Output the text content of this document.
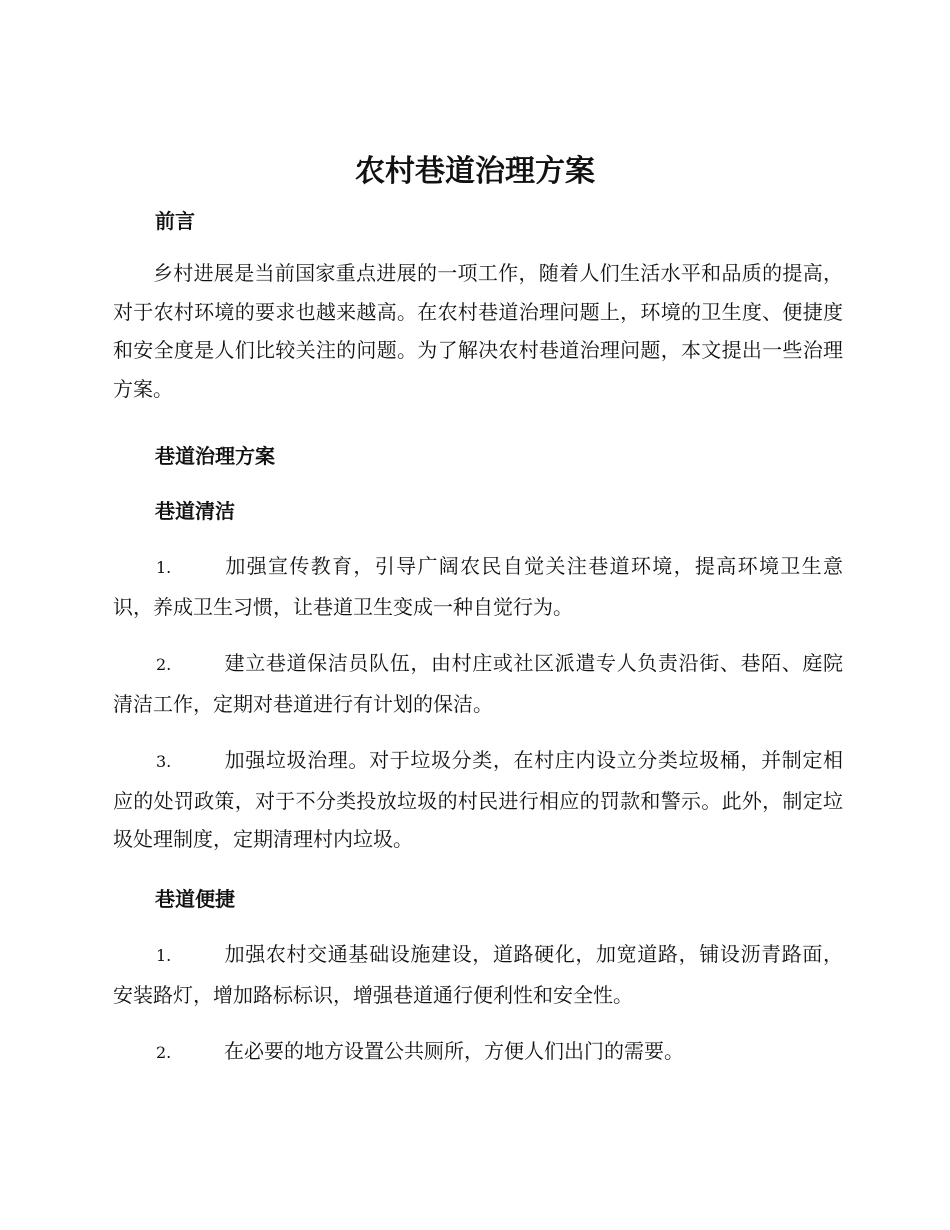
农村巷道治理方案
前言

乡村进展是当前国家重点进展的一项工作，随着人们生活水平和品质的提高，对于农村环境的要求也越来越高。在农村巷道治理问题上，环境的卫生度、便捷度和安全度是人们比较关注的问题。为了解决农村巷道治理问题，本文提出一些治理方案。

巷道治理方案
巷道清洁

1.	加强宣传教育，引导广阔农民自觉关注巷道环境，提高环境卫生意识，养成卫生习惯，让巷道卫生变成一种自觉行为。

2.	建立巷道保洁员队伍，由村庄或社区派遣专人负责沿街、巷陌、庭院清洁工作，定期对巷道进行有计划的保洁。

3.	加强垃圾治理。对于垃圾分类，在村庄内设立分类垃圾桶，并制定相应的处罚政策，对于不分类投放垃圾的村民进行相应的罚款和警示。此外，制定垃圾处理制度，定期清理村内垃圾。

巷道便捷

1.	加强农村交通基础设施建设，道路硬化，加宽道路，铺设沥青路面，安装路灯，增加路标标识，增强巷道通行便利性和安全性。

2.	在必要的地方设置公共厕所，方便人们出门的需要。
